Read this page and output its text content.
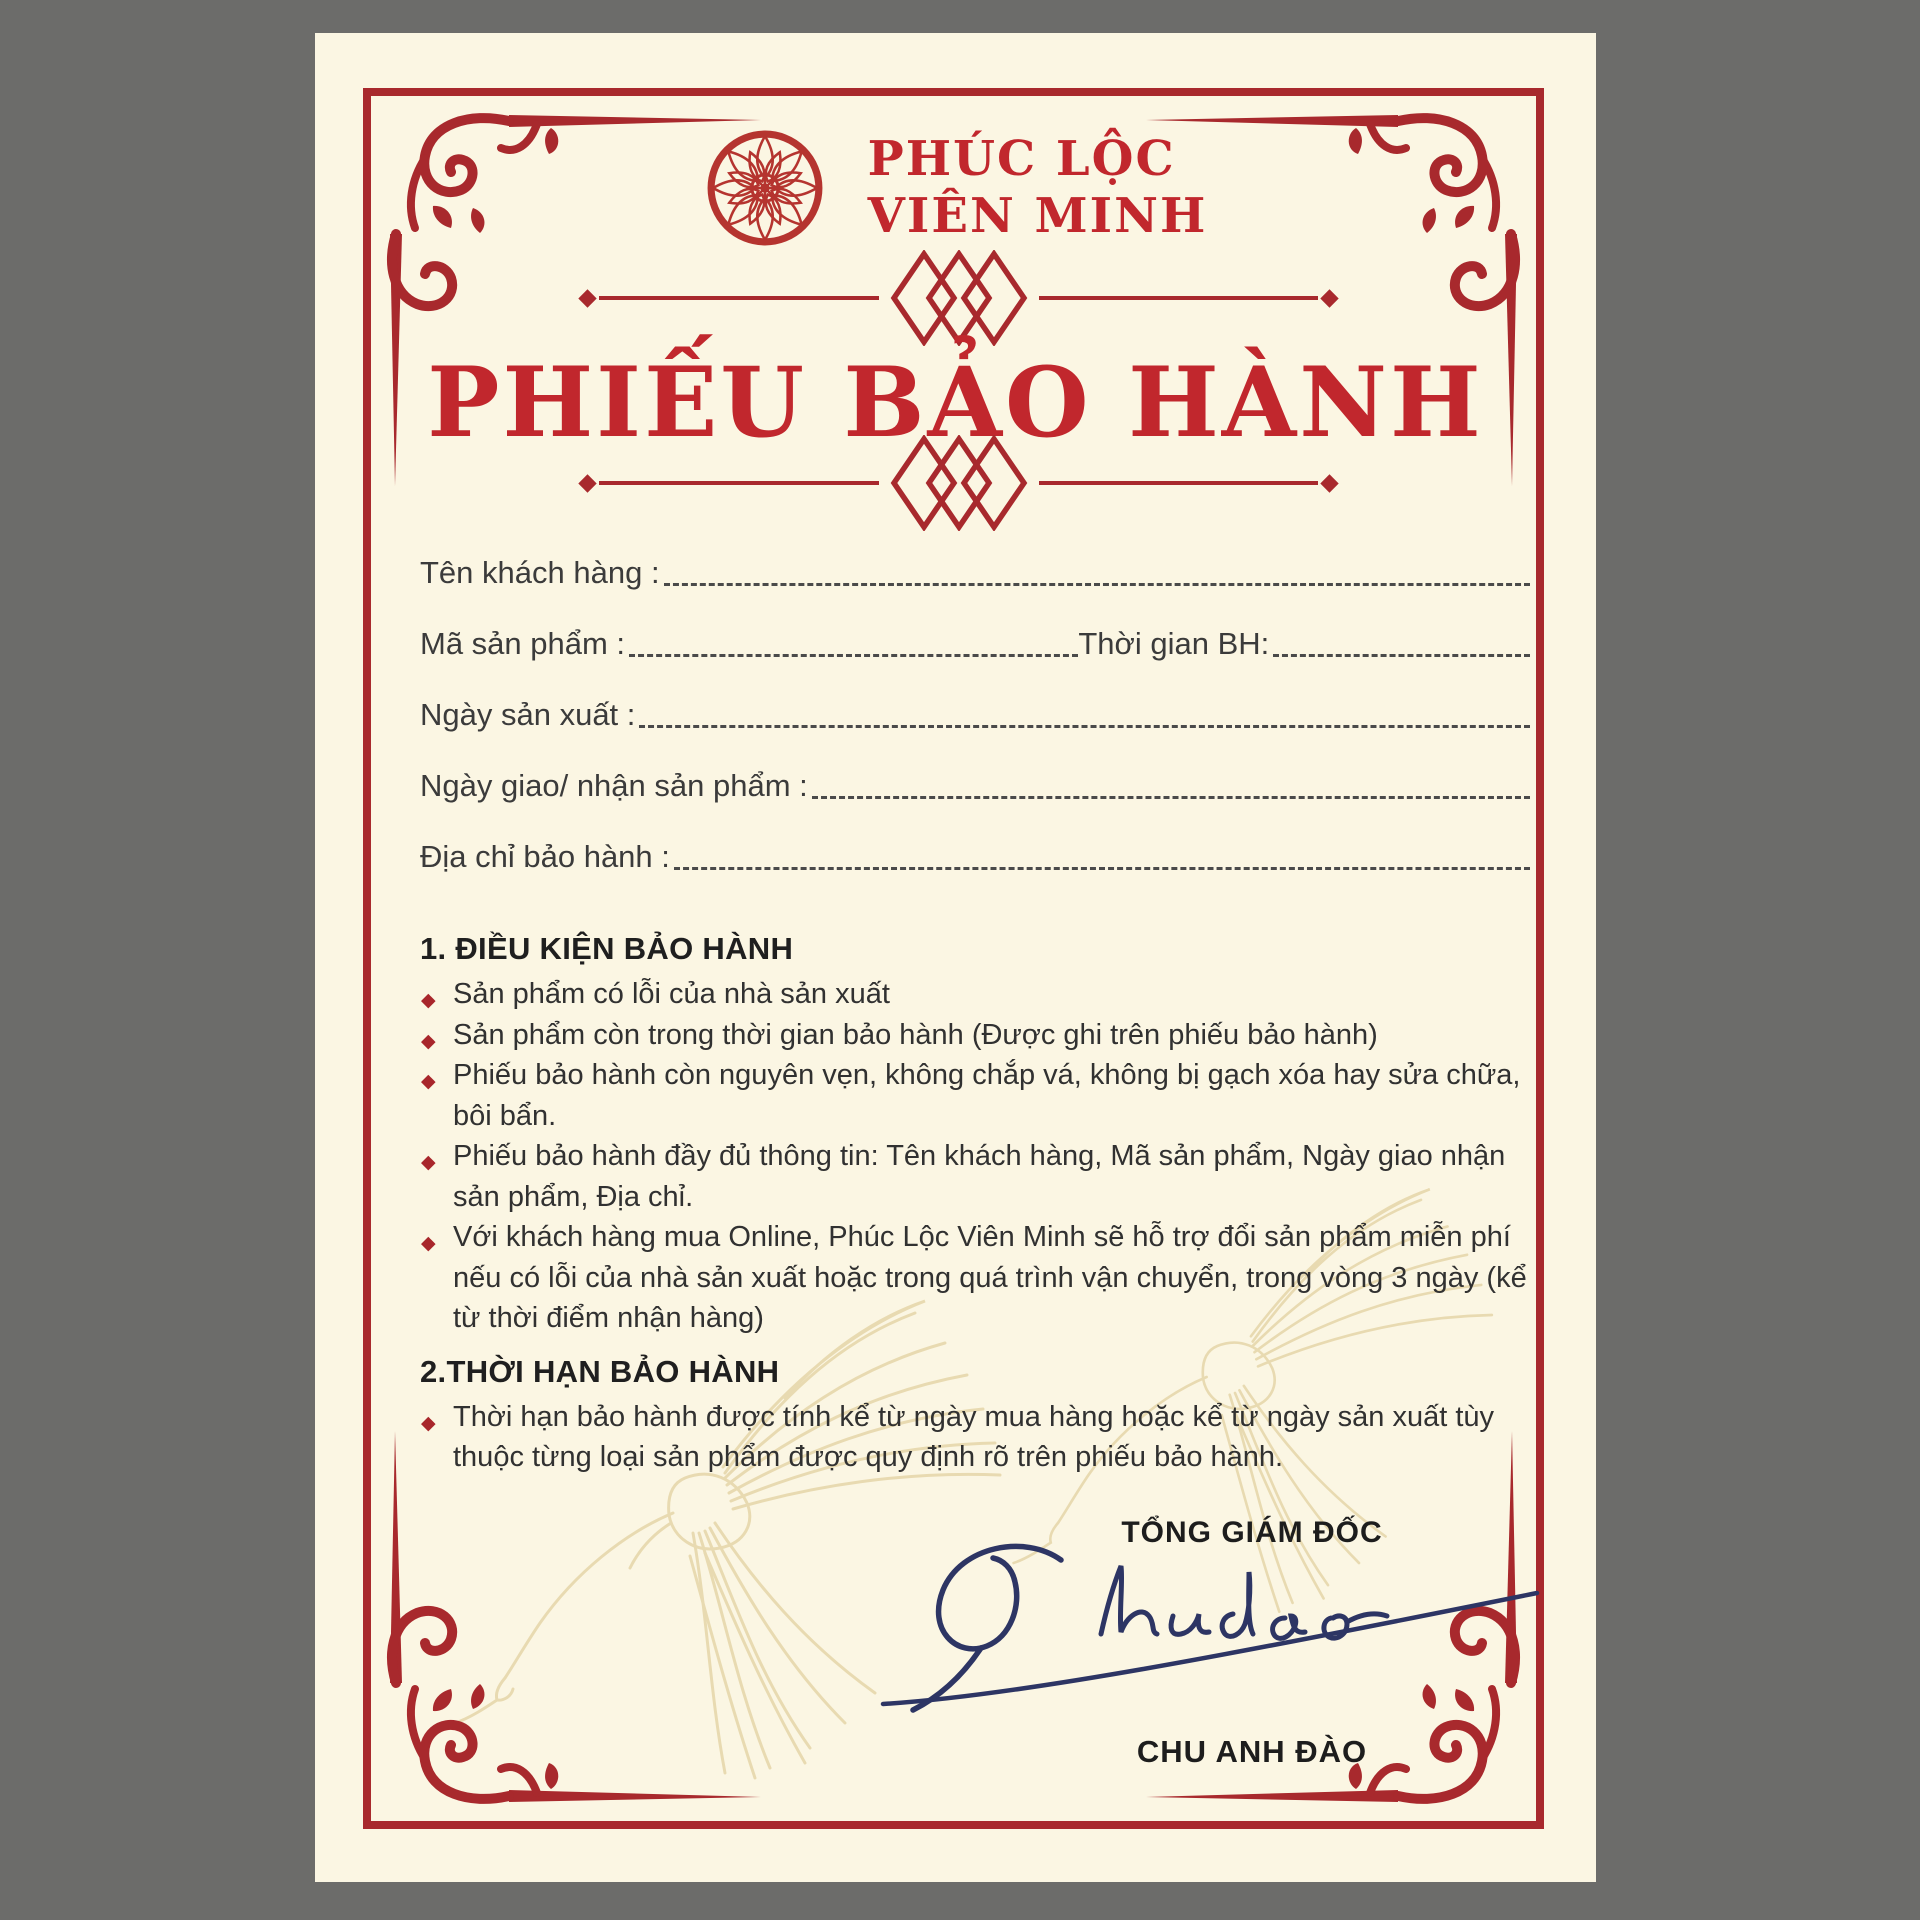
PHÚC LỘC
VIÊN MINH
PHIẾU BẢO HÀNH
Tên khách hàng :
Mã sản phẩm :	Thời gian BH:
Ngày sản xuất :
Ngày giao/ nhận sản phẩm :
Địa chỉ bảo hành :
1. ĐIỀU KIỆN BẢO HÀNH
◆ Sản phẩm có lỗi của nhà sản xuất
◆ Sản phẩm còn trong thời gian bảo hành (Được ghi trên phiếu bảo hành)
◆ Phiếu bảo hành còn nguyên vẹn, không chắp vá, không bị gạch xóa hay sửa chữa, bôi bẩn.
◆ Phiếu bảo hành đầy đủ thông tin: Tên khách hàng, Mã sản phẩm, Ngày giao nhận sản phẩm, Địa chỉ.
◆ Với khách hàng mua Online, Phúc Lộc Viên Minh sẽ hỗ trợ đổi sản phẩm miễn phí nếu có lỗi của nhà sản xuất hoặc trong quá trình vận chuyển, trong vòng 3 ngày (kể từ thời điểm nhận hàng)
2.THỜI HẠN BẢO HÀNH
◆ Thời hạn bảo hành được tính kể từ ngày mua hàng hoặc kể từ ngày sản xuất tùy thuộc từng loại sản phẩm được quy định rõ trên phiếu bảo hành.
TỔNG GIÁM ĐỐC
CHU ANH ĐÀO
